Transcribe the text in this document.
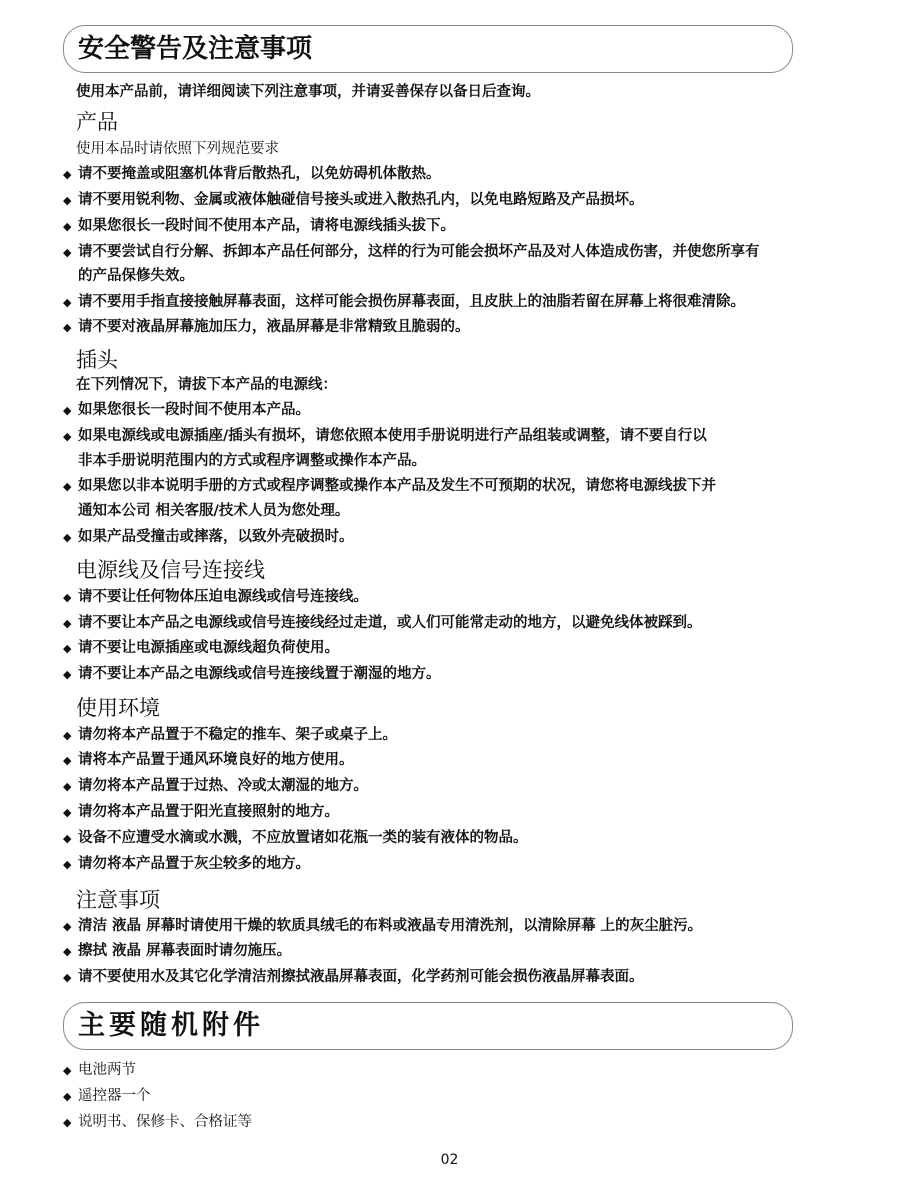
安全警告及注意事项
使用本产品前，请详细阅读下列注意事项，并请妥善保存以备日后查询。
产品
使用本品时请依照下列规范要求
◆ 请不要掩盖或阻塞机体背后散热孔，以免妨碍机体散热。
◆ 请不要用锐利物、金属或液体触碰信号接头或进入散热孔内，以免电路短路及产品损坏。
◆ 如果您很长一段时间不使用本产品，请将电源线插头拔下。
◆ 请不要尝试自行分解、拆卸本产品任何部分，这样的行为可能会损坏产品及对人体造成伤害，并使您所享有
的产品保修失效。
◆ 请不要用手指直接接触屏幕表面，这样可能会损伤屏幕表面，且皮肤上的油脂若留在屏幕上将很难清除。
◆ 请不要对液晶屏幕施加压力，液晶屏幕是非常精致且脆弱的。
插头
在下列情况下，请拔下本产品的电源线：
◆ 如果您很长一段时间不使用本产品。
◆ 如果电源线或电源插座/插头有损坏，请您依照本使用手册说明进行产品组装或调整，请不要自行以
非本手册说明范围内的方式或程序调整或操作本产品。
◆ 如果您以非本说明手册的方式或程序调整或操作本产品及发生不可预期的状况，请您将电源线拔下并
通知本公司 相关客服/技术人员为您处理。
◆ 如果产品受撞击或摔落，以致外壳破损时。
电源线及信号连接线
◆ 请不要让任何物体压迫电源线或信号连接线。
◆ 请不要让本产品之电源线或信号连接线经过走道，或人们可能常走动的地方，以避免线体被踩到。
◆ 请不要让电源插座或电源线超负荷使用。
◆ 请不要让本产品之电源线或信号连接线置于潮湿的地方。
使用环境
◆ 请勿将本产品置于不稳定的推车、架子或桌子上。
◆ 请将本产品置于通风环境良好的地方使用。
◆ 请勿将本产品置于过热、冷或太潮湿的地方。
◆ 请勿将本产品置于阳光直接照射的地方。
◆ 设备不应遭受水滴或水溅，不应放置诸如花瓶一类的装有液体的物品。
◆ 请勿将本产品置于灰尘较多的地方。
注意事项
◆ 清洁 液晶 屏幕时请使用干燥的软质具绒毛的布料或液晶专用清洗剂，以清除屏幕 上的灰尘脏污。
◆ 擦拭 液晶 屏幕表面时请勿施压。
◆ 请不要使用水及其它化学清洁剂擦拭液晶屏幕表面，化学药剂可能会损伤液晶屏幕表面。
主要随机附件
◆ 电池两节
◆ 遥控器一个
◆ 说明书、保修卡、合格证等
02
